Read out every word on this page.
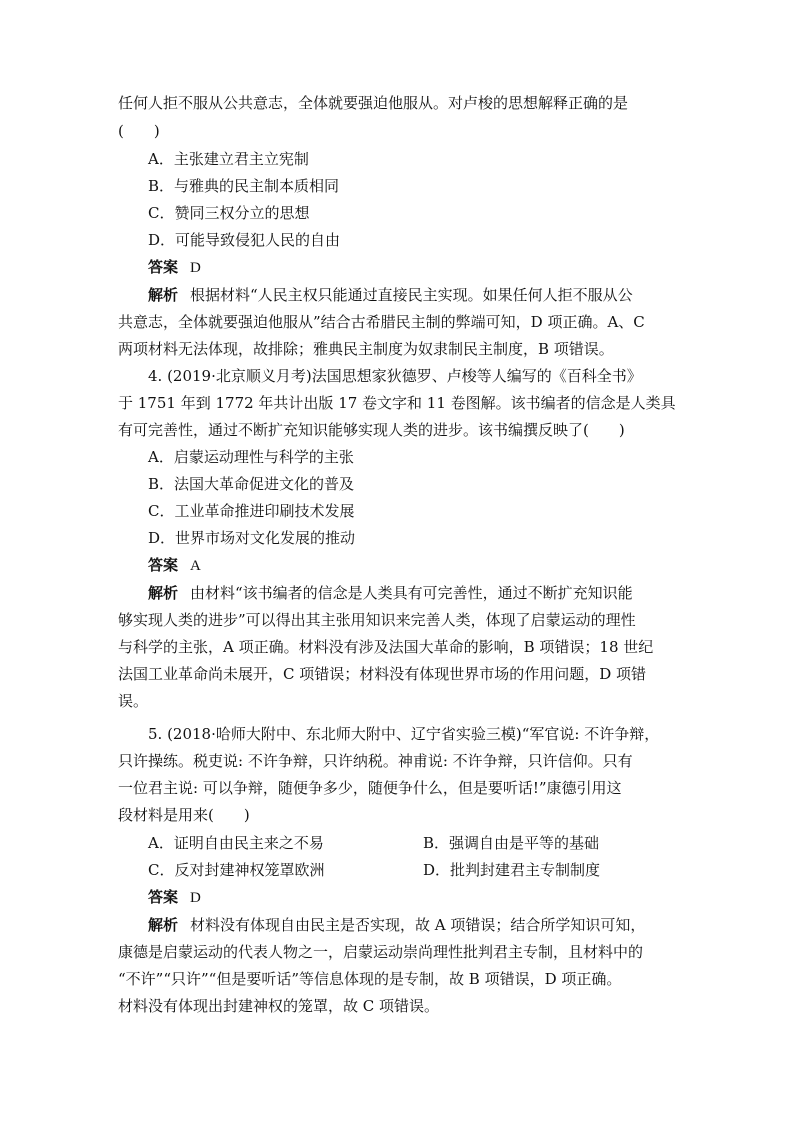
任何人拒不服从公共意志，全体就要强迫他服从。对卢梭的思想解释正确的是
(　　)
A．主张建立君主立宪制
B．与雅典的民主制本质相同
C．赞同三权分立的思想
D．可能导致侵犯人民的自由
答案 D
解析 根据材料“人民主权只能通过直接民主实现。如果任何人拒不服从公
共意志，全体就要强迫他服从”结合古希腊民主制的弊端可知，D 项正确。A、C
两项材料无法体现，故排除；雅典民主制度为奴隶制民主制度，B 项错误。
4. (2019·北京顺义月考)法国思想家狄德罗、卢梭等人编写的《百科全书》
于 1751 年到 1772 年共计出版 17 卷文字和 11 卷图解。该书编者的信念是人类具
有可完善性，通过不断扩充知识能够实现人类的进步。该书编撰反映了(　　)
A．启蒙运动理性与科学的主张
B．法国大革命促进文化的普及
C．工业革命推进印刷技术发展
D．世界市场对文化发展的推动
答案 A
解析 由材料“该书编者的信念是人类具有可完善性，通过不断扩充知识能
够实现人类的进步”可以得出其主张用知识来完善人类，体现了启蒙运动的理性
与科学的主张，A 项正确。材料没有涉及法国大革命的影响，B 项错误；18 世纪
法国工业革命尚未展开，C 项错误；材料没有体现世界市场的作用问题，D 项错
误。
5. (2018·哈师大附中、东北师大附中、辽宁省实验三模)“军官说: 不许争辩，
只许操练。税吏说: 不许争辩，只许纳税。神甫说: 不许争辩，只许信仰。只有
一位君主说: 可以争辩，随便争多少，随便争什么，但是要听话!”康德引用这
段材料是用来(　　)
A．证明自由民主来之不易	B．强调自由是平等的基础
C．反对封建神权笼罩欧洲	D．批判封建君主专制制度
答案 D
解析 材料没有体现自由民主是否实现，故 A 项错误；结合所学知识可知，
康德是启蒙运动的代表人物之一，启蒙运动崇尚理性批判君主专制，且材料中的
“不许”“只许”“但是要听话”等信息体现的是专制，故 B 项错误，D 项正确。
材料没有体现出封建神权的笼罩，故 C 项错误。
